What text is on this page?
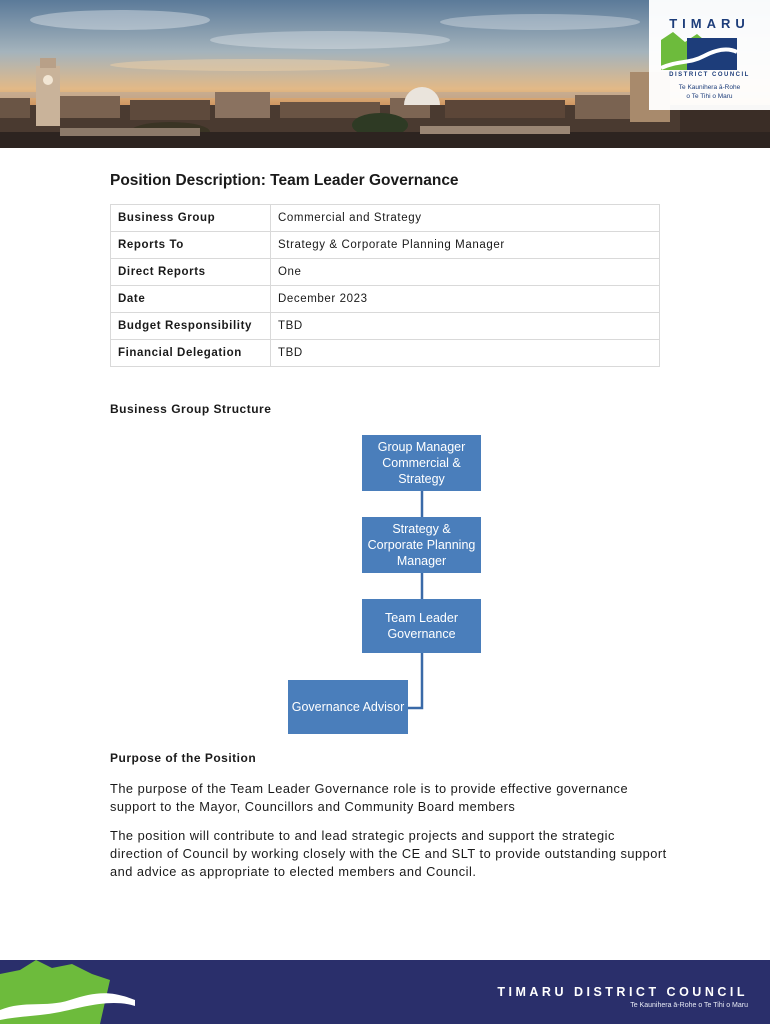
TIMARU
DISTRICT COUNCIL
Te Kaunihera ā-Rohe
o Te Tihi o Maru
Position Description: Team Leader Governance
Business Group	Commercial and Strategy
Reports To	Strategy & Corporate Planning Manager
Direct Reports	One
Date	December 2023
Budget Responsibility	TBD
Financial Delegation	TBD
Business Group Structure
Group Manager Commercial & Strategy
Strategy & Corporate Planning Manager
Team Leader Governance
Governance Advisor
Purpose of the Position

The purpose of the Team Leader Governance role is to provide effective governance support to the Mayor, Councillors and Community Board members

The position will contribute to and lead strategic projects and support the strategic direction of Council by working closely with the CE and SLT to provide outstanding support and advice as appropriate to elected members and Council.

TIMARU DISTRICT COUNCIL
Te Kaunihera ā-Rohe o Te Tihi o Maru
